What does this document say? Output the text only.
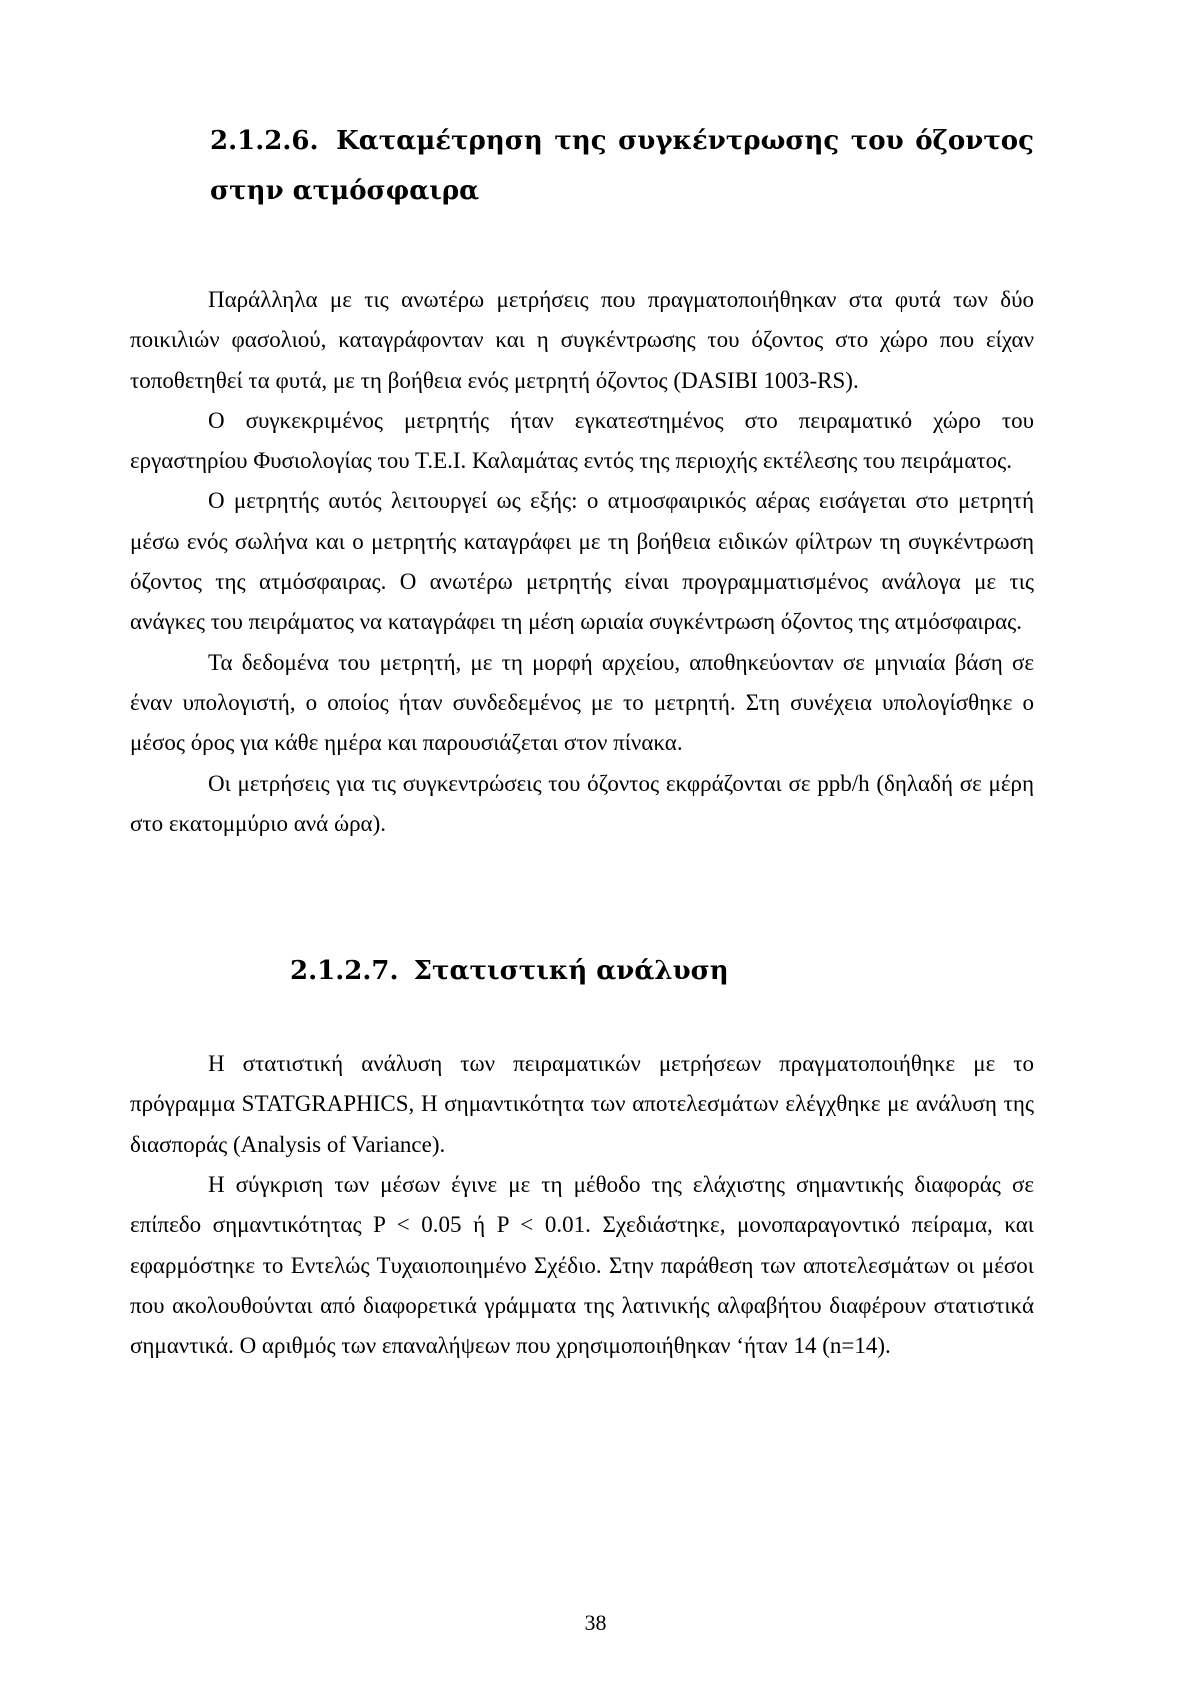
2.1.2.6. Καταμέτρηση της συγκέντρωσης του όζοντος στην ατμόσφαιρα

Παράλληλα με τις ανωτέρω μετρήσεις που πραγματοποιήθηκαν στα φυτά των δύο ποικιλιών φασολιού, καταγράφονταν και η συγκέντρωσης του όζοντος στο χώρο που είχαν τοποθετηθεί τα φυτά, με τη βοήθεια ενός μετρητή όζοντος (DASIBI 1003-RS).

Ο συγκεκριμένος μετρητής ήταν εγκατεστημένος στο πειραματικό χώρο του εργαστηρίου Φυσιολογίας του Τ.Ε.Ι. Καλαμάτας εντός της περιοχής εκτέλεσης του πειράματος.

Ο μετρητής αυτός λειτουργεί ως εξής: ο ατμοσφαιρικός αέρας εισάγεται στο μετρητή μέσω ενός σωλήνα και ο μετρητής καταγράφει με τη βοήθεια ειδικών φίλτρων τη συγκέντρωση όζοντος της ατμόσφαιρας. Ο ανωτέρω μετρητής είναι προγραμματισμένος ανάλογα με τις ανάγκες του πειράματος να καταγράφει τη μέση ωριαία συγκέντρωση όζοντος της ατμόσφαιρας.

Τα δεδομένα του μετρητή, με τη μορφή αρχείου, αποθηκεύονταν σε μηνιαία βάση σε έναν υπολογιστή, ο οποίος ήταν συνδεδεμένος με το μετρητή. Στη συνέχεια υπολογίσθηκε ο μέσος όρος για κάθε ημέρα και παρουσιάζεται στον πίνακα.

Οι μετρήσεις για τις συγκεντρώσεις του όζοντος εκφράζονται σε ppb/h (δηλαδή σε μέρη στο εκατομμύριο ανά ώρα).

2.1.2.7. Στατιστική ανάλυση

Η στατιστική ανάλυση των πειραματικών μετρήσεων πραγματοποιήθηκε με το πρόγραμμα STATGRAPHICS, Η σημαντικότητα των αποτελεσμάτων ελέγχθηκε με ανάλυση της διασποράς (Analysis of Variance).

Η σύγκριση των μέσων έγινε με τη μέθοδο της ελάχιστης σημαντικής διαφοράς σε επίπεδο σημαντικότητας P < 0.05 ή P < 0.01. Σχεδιάστηκε, μονοπαραγοντικό πείραμα, και εφαρμόστηκε το Εντελώς Τυχαιοποιημένο Σχέδιο. Στην παράθεση των αποτελεσμάτων οι μέσοι που ακολουθούνται από διαφορετικά γράμματα της λατινικής αλφαβήτου διαφέρουν στατιστικά σημαντικά. Ο αριθμός των επαναλήψεων που χρησιμοποιήθηκαν ‘ήταν 14 (n=14).

38
